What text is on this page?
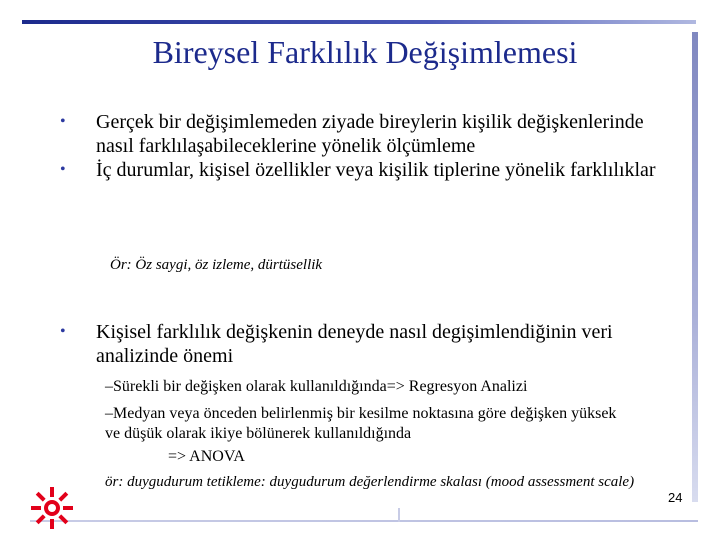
Bireysel Farklılık Değişimlemesi
•	Gerçek bir değişimlemeden ziyade bireylerin kişilik değişkenlerinde nasıl farklılaşabileceklerine yönelik ölçümleme
•	İç durumlar, kişisel özellikler veya kişilik tiplerine yönelik farklılıklar
Ör: Öz saygi, öz izleme, dürtüsellik
•	Kişisel farklılık değişkenin deneyde nasıl degişimlendiğinin veri analizinde önemi
–Sürekli bir değişken olarak kullanıldığında=> Regresyon Analizi
–Medyan veya önceden belirlenmiş bir kesilme noktasına göre değişken yüksek ve düşük olarak ikiye bölünerek kullanıldığında
=> ANOVA
ör: duygudurum tetikleme: duygudurum değerlendirme skalası (mood assessment scale)
24
